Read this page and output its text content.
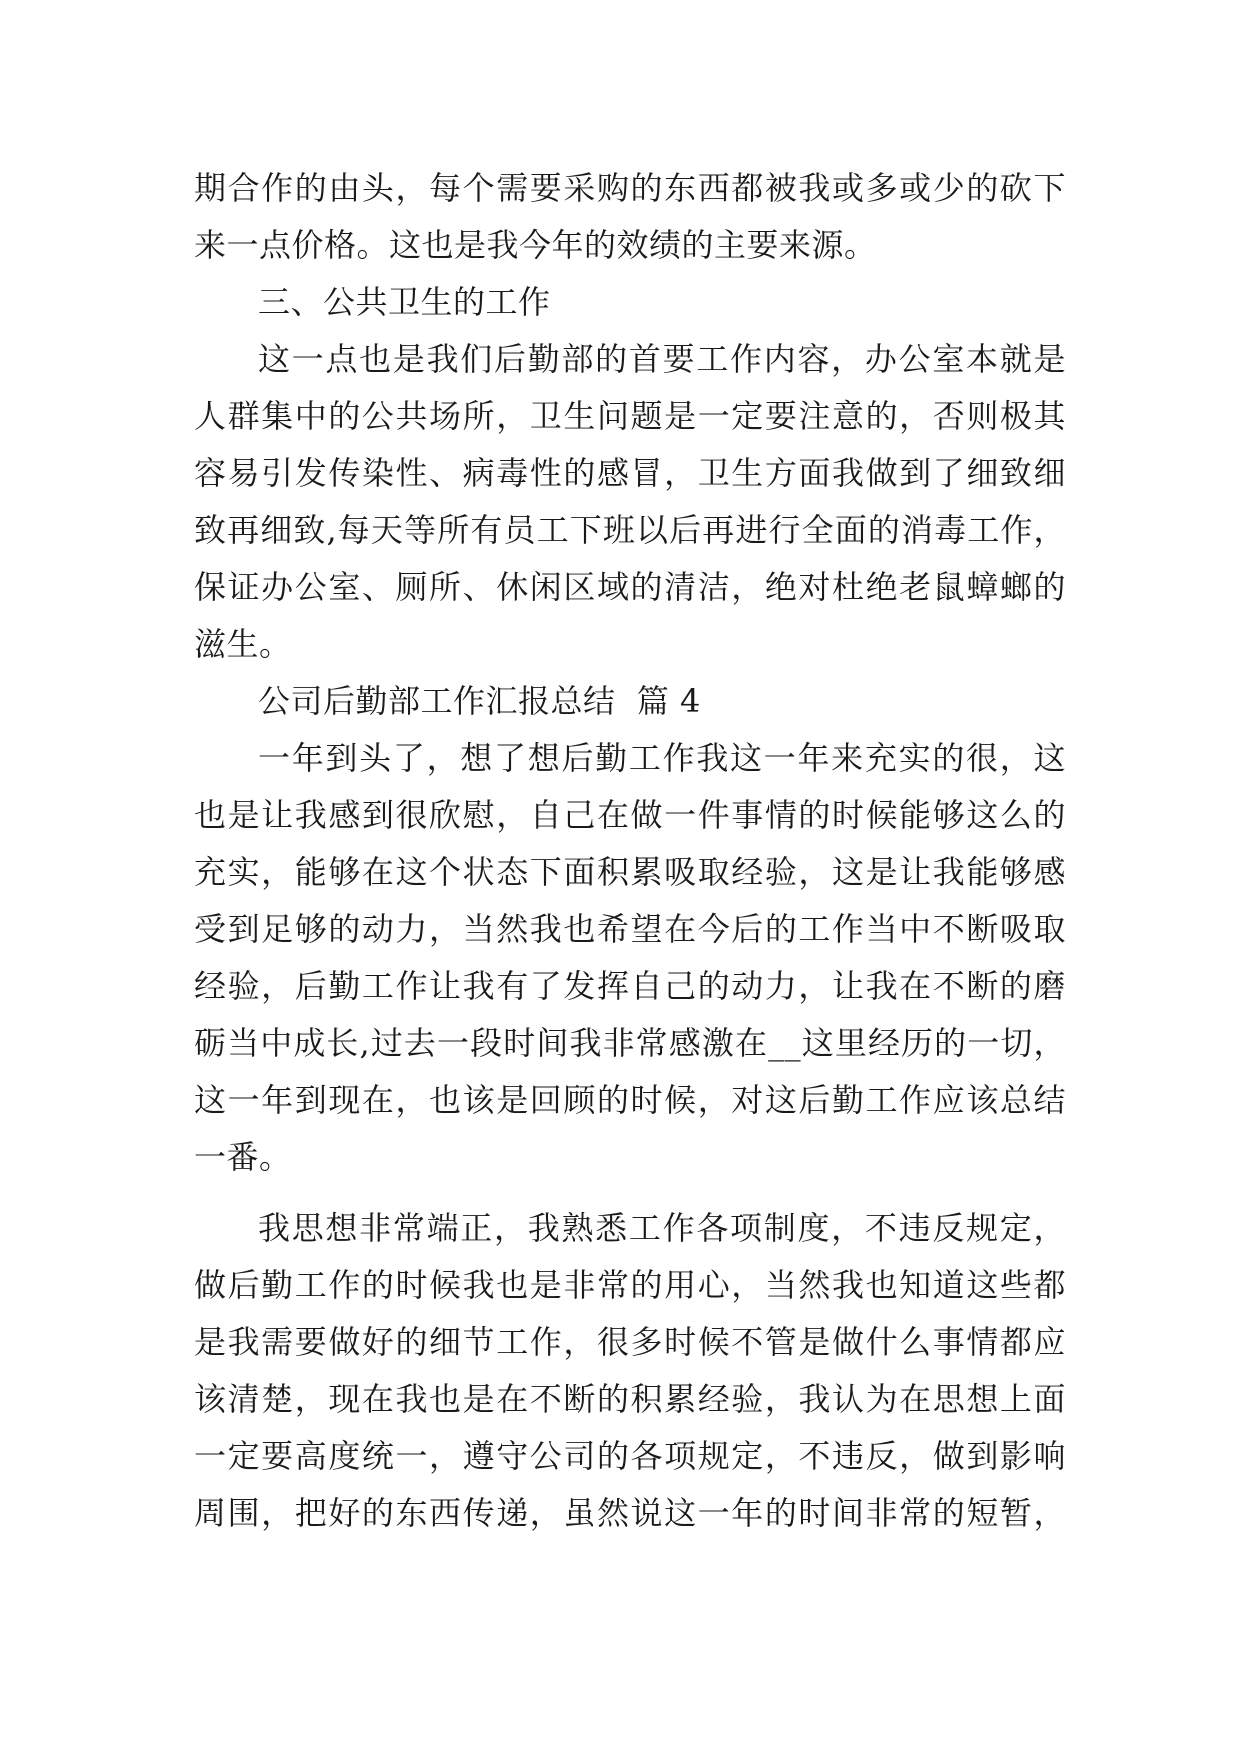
期合作的由头，每个需要采购的东西都被我或多或少的砍下
来一点价格。这也是我今年的效绩的主要来源。
三、公共卫生的工作
这一点也是我们后勤部的首要工作内容，办公室本就是
人群集中的公共场所，卫生问题是一定要注意的，否则极其
容易引发传染性、病毒性的感冒，卫生方面我做到了细致细
致再细致,每天等所有员工下班以后再进行全面的消毒工作，
保证办公室、厕所、休闲区域的清洁，绝对杜绝老鼠蟑螂的
滋生。
公司后勤部工作汇报总结  篇 4
一年到头了，想了想后勤工作我这一年来充实的很，这
也是让我感到很欣慰，自己在做一件事情的时候能够这么的
充实，能够在这个状态下面积累吸取经验，这是让我能够感
受到足够的动力，当然我也希望在今后的工作当中不断吸取
经验，后勤工作让我有了发挥自己的动力，让我在不断的磨
砺当中成长,过去一段时间我非常感激在__这里经历的一切，
这一年到现在，也该是回顾的时候，对这后勤工作应该总结
一番。
我思想非常端正，我熟悉工作各项制度，不违反规定，
做后勤工作的时候我也是非常的用心，当然我也知道这些都
是我需要做好的细节工作，很多时候不管是做什么事情都应
该清楚，现在我也是在不断的积累经验，我认为在思想上面
一定要高度统一，遵守公司的各项规定，不违反，做到影响
周围，把好的东西传递，虽然说这一年的时间非常的短暂，
